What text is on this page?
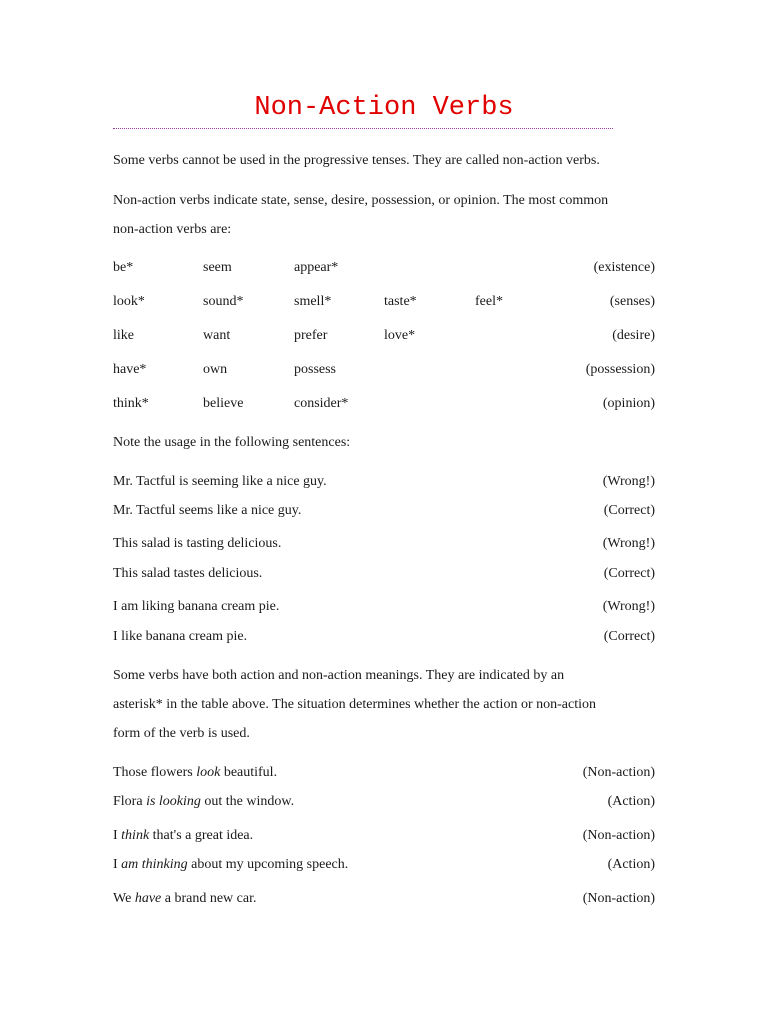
Non-Action Verbs
Some verbs cannot be used in the progressive tenses. They are called non-action verbs.
Non-action verbs indicate state, sense, desire, possession, or opinion. The most common
non-action verbs are:
be*	seem	appear*	(existence)
look*	sound*	smell*	taste*	feel*	(senses)
like	want	prefer	love*	(desire)
have*	own	possess	(possession)
think*	believe	consider*	(opinion)
Note the usage in the following sentences:
Mr. Tactful is seeming like a nice guy.	(Wrong!)
Mr. Tactful seems like a nice guy.	(Correct)
This salad is tasting delicious.	(Wrong!)
This salad tastes delicious.	(Correct)
I am liking banana cream pie.	(Wrong!)
I like banana cream pie.	(Correct)
Some verbs have both action and non-action meanings. They are indicated by an
asterisk* in the table above. The situation determines whether the action or non-action
form of the verb is used.
Those flowers look beautiful.	(Non-action)
Flora is looking out the window.	(Action)
I think that's a great idea.	(Non-action)
I am thinking about my upcoming speech.	(Action)
We have a brand new car.	(Non-action)
